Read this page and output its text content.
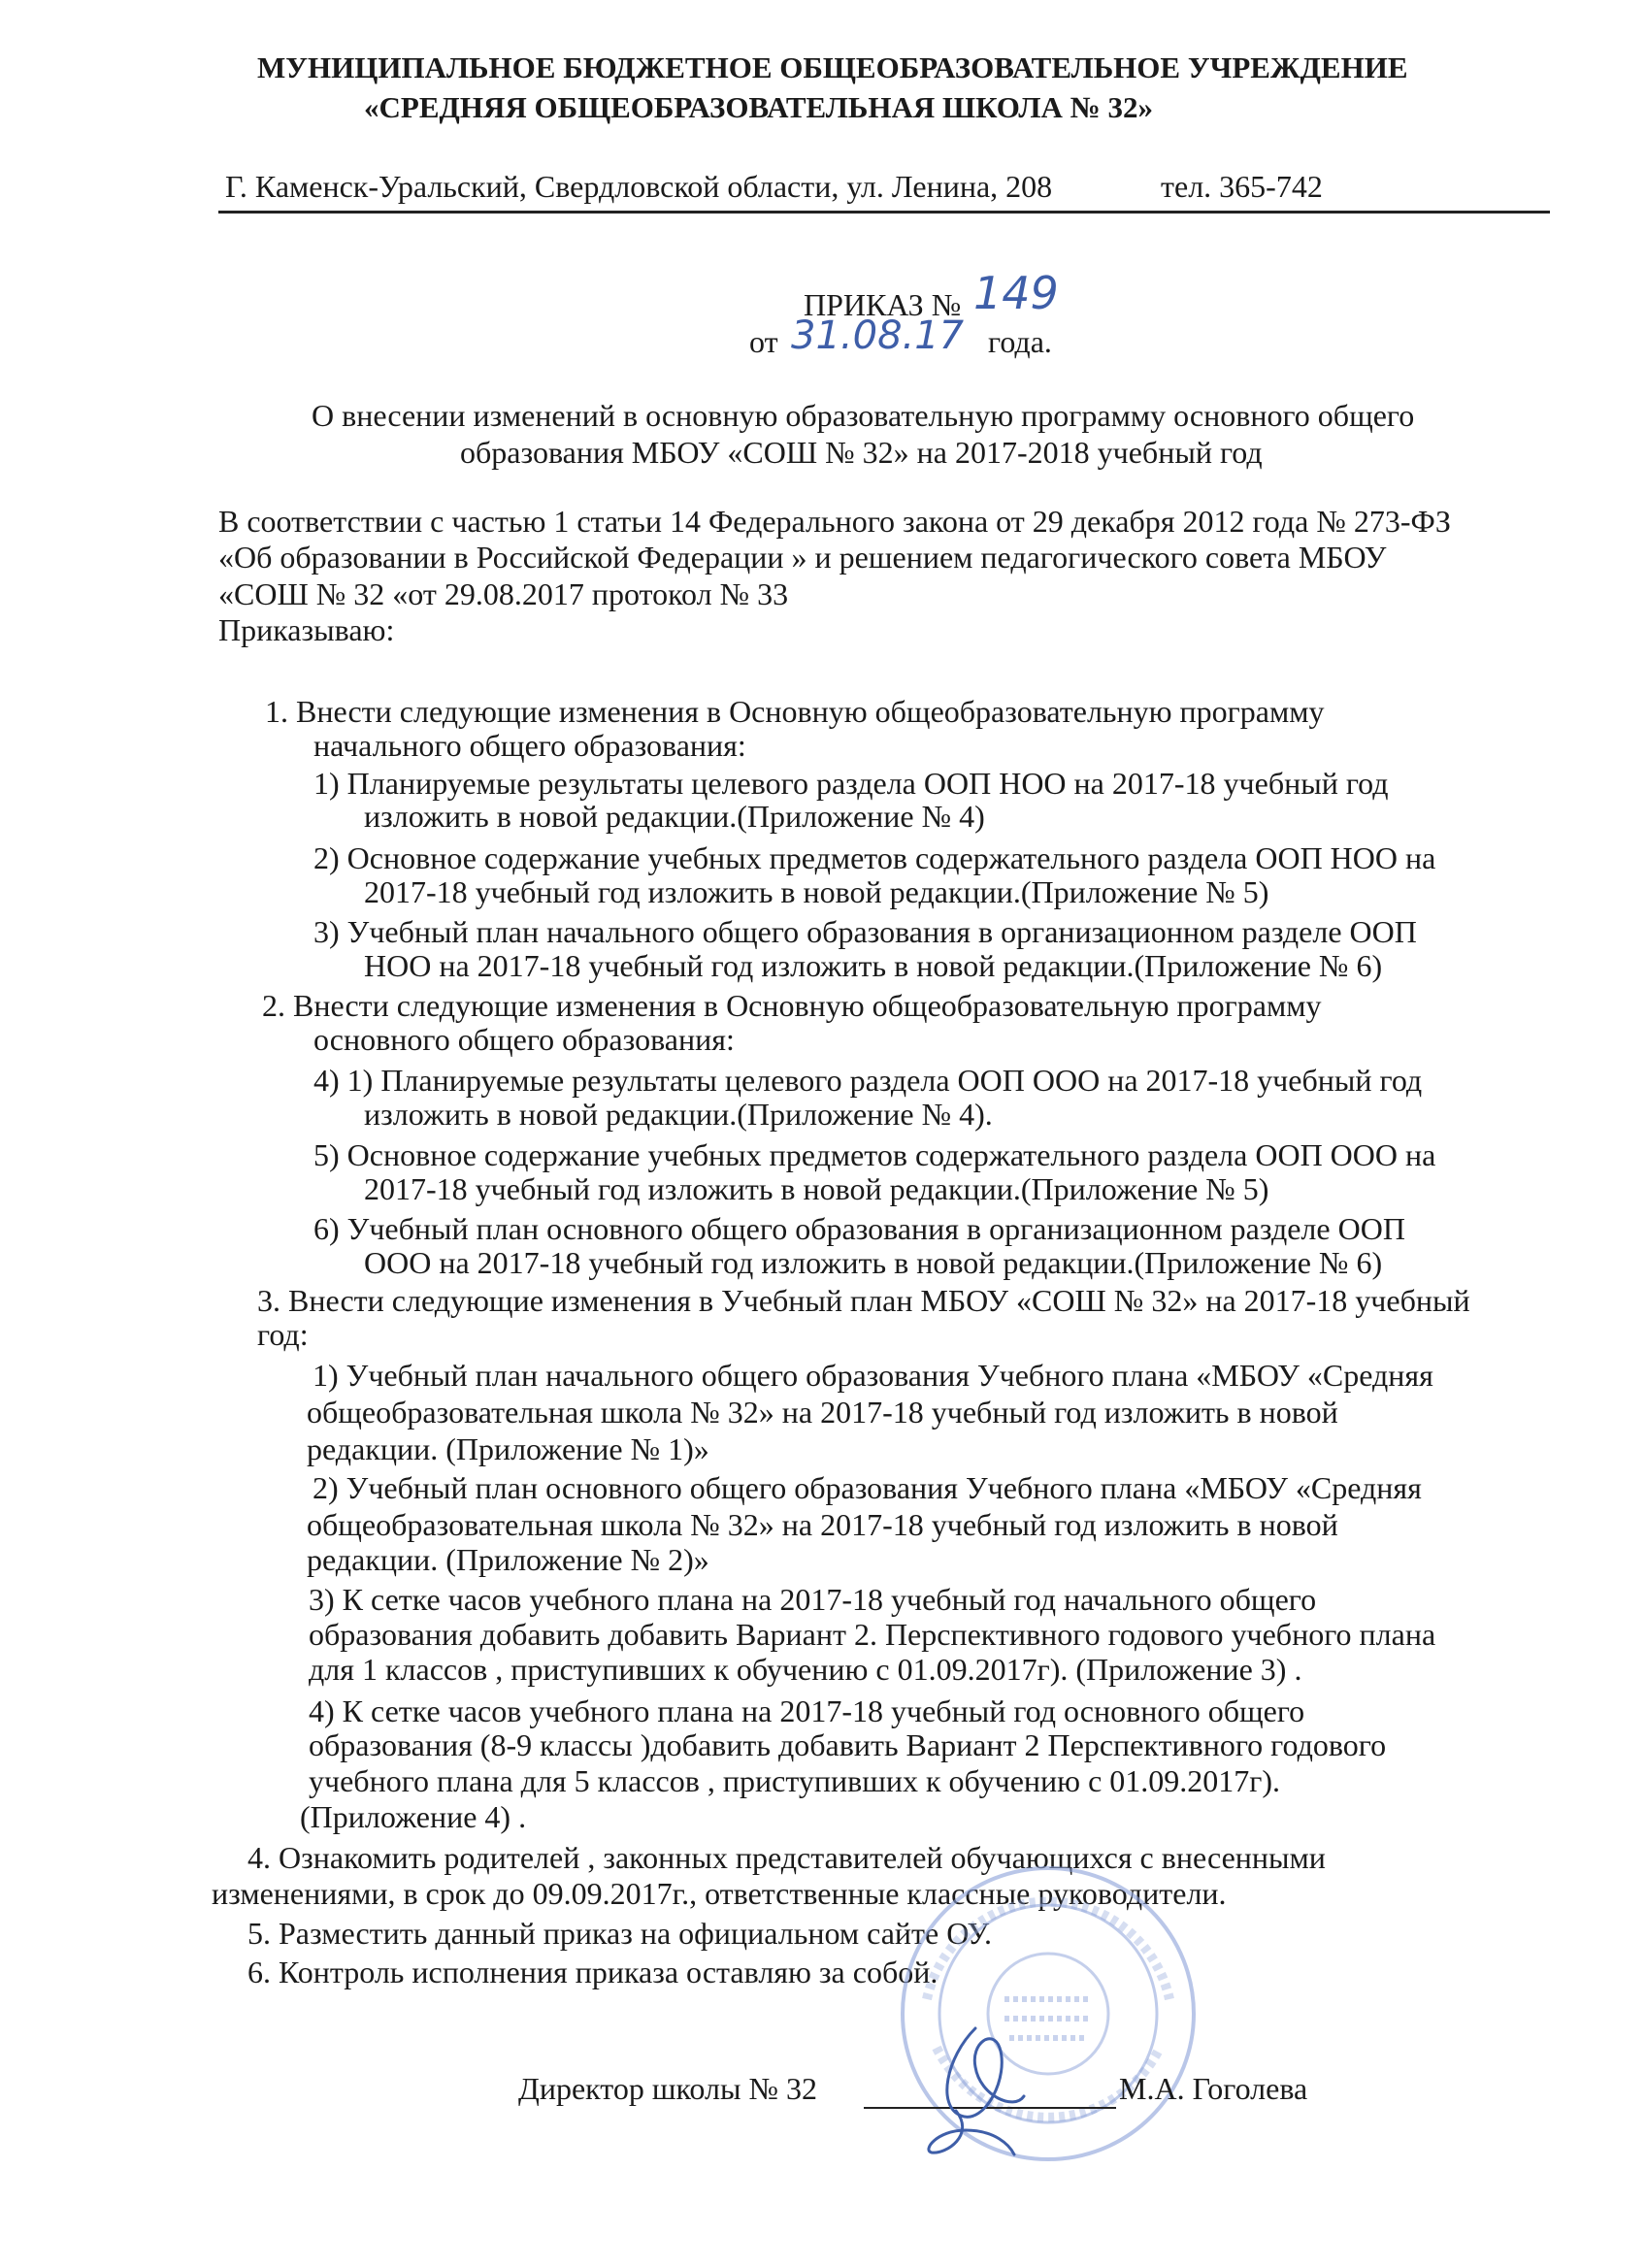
МУНИЦИПАЛЬНОЕ БЮДЖЕТНОЕ ОБЩЕОБРАЗОВАТЕЛЬНОЕ УЧРЕЖДЕНИЕ
«СРЕДНЯЯ ОБЩЕОБРАЗОВАТЕЛЬНАЯ ШКОЛА № 32»
Г. Каменск-Уральский, Свердловской области, ул. Ленина, 208	тел. 365-742
ПРИКАЗ № 149
от 31.08.17 года.
О внесении изменений в основную образовательную программу основного общего
образования МБОУ «СОШ № 32» на 2017-2018 учебный год
В соответствии с частью 1 статьи 14 Федерального закона от 29 декабря 2012 года № 273-ФЗ
«Об образовании в Российской Федерации » и решением педагогического совета МБОУ
«СОШ № 32 «от 29.08.2017 протокол № 33
Приказываю:
1. Внести следующие изменения в Основную общеобразовательную программу
начального общего образования:
1) Планируемые результаты целевого раздела ООП НОО на 2017-18 учебный год
изложить в новой редакции.(Приложение № 4)
2) Основное содержание учебных предметов содержательного раздела ООП НОО на
2017-18 учебный год изложить в новой редакции.(Приложение № 5)
3) Учебный план начального общего образования в организационном разделе ООП
НОО на 2017-18 учебный год изложить в новой редакции.(Приложение № 6)
2. Внести следующие изменения в Основную общеобразовательную программу
основного общего образования:
4) 1) Планируемые результаты целевого раздела ООП ООО на 2017-18 учебный год
изложить в новой редакции.(Приложение № 4).
5) Основное содержание учебных предметов содержательного раздела ООП ООО на
2017-18 учебный год изложить в новой редакции.(Приложение № 5)
6) Учебный план основного общего образования в организационном разделе ООП
ООО на 2017-18 учебный год изложить в новой редакции.(Приложение № 6)
3. Внести следующие изменения в Учебный план МБОУ «СОШ № 32» на 2017-18 учебный
год:
1) Учебный план начального общего образования Учебного плана «МБОУ «Средняя
общеобразовательная школа № 32» на 2017-18 учебный год изложить в новой
редакции. (Приложение № 1)»
2) Учебный план основного общего образования Учебного плана «МБОУ «Средняя
общеобразовательная школа № 32» на 2017-18 учебный год изложить в новой
редакции. (Приложение № 2)»
3) К сетке часов учебного плана на 2017-18 учебный год начального общего
образования добавить добавить Вариант 2. Перспективного годового учебного плана
для 1 классов , приступивших к обучению с 01.09.2017г). (Приложение 3) .
4) К сетке часов учебного плана на 2017-18 учебный год основного общего
образования (8-9 классы )добавить добавить Вариант 2 Перспективного годового
учебного плана для 5 классов , приступивших к обучению с 01.09.2017г).
(Приложение 4) .
4. Ознакомить родителей , законных представителей обучающихся с внесенными
изменениями, в срок до 09.09.2017г., ответственные классные руководители.
5. Разместить данный приказ на официальном сайте ОУ.
6. Контроль исполнения приказа оставляю за собой.
Директор школы № 32	М.А. Гоголева
